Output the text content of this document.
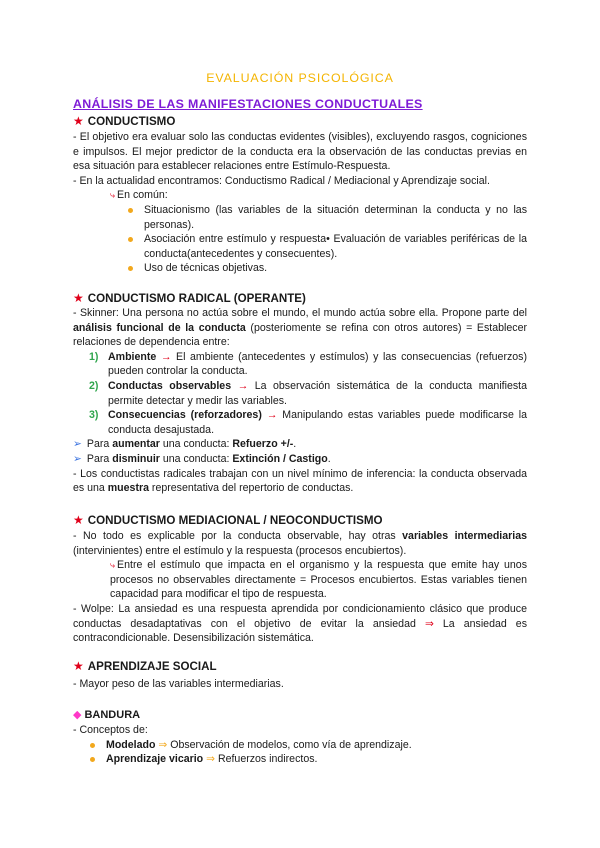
EVALUACIÓN PSICOLÓGICA
ANÁLISIS DE LAS MANIFESTACIONES CONDUCTUALES
★ CONDUCTISMO

- El objetivo era evaluar solo las conductas evidentes (visibles), excluyendo rasgos, cogniciones e impulsos. El mejor predictor de la conducta era la observación de las conductas previas en esa situación para establecer relaciones entre Estímulo-Respuesta.

- En la actualidad encontramos: Conductismo Radical / Mediacional y Aprendizaje social.

⤷ En común:

Situacionismo (las variables de la situación determinan la conducta y no las personas).
Asociación entre estímulo y respuesta• Evaluación de variables periféricas de la conducta(antecedentes y consecuentes).
Uso de técnicas objetivas.
★ CONDUCTISMO RADICAL (OPERANTE)

- Skinner: Una persona no actúa sobre el mundo, el mundo actúa sobre ella. Propone parte del análisis funcional de la conducta (posteriomente se refina con otros autores) = Establecer relaciones de dependencia entre:

1) Ambiente → El ambiente (antecedentes y estímulos) y las consecuencias (refuerzos) pueden controlar la conducta.
2) Conductas observables → La observación sistemática de la conducta manifiesta permite detectar y medir las variables.
3) Consecuencias (reforzadores) → Manipulando estas variables puede modificarse la conducta desajustada.

➢ Para aumentar una conducta: Refuerzo +/-.

➢ Para disminuir una conducta: Extinción / Castigo.

- Los conductistas radicales trabajan con un nivel mínimo de inferencia: la conducta observada es una muestra representativa del repertorio de conductas.

★ CONDUCTISMO MEDIACIONAL / NEOCONDUCTISMO

- No todo es explicable por la conducta observable, hay otras variables intermediarias (intervinientes) entre el estímulo y la respuesta (procesos encubiertos).

⤷ Entre el estímulo que impacta en el organismo y la respuesta que emite hay unos procesos no observables directamente = Procesos encubiertos. Estas variables tienen capacidad para modificar el tipo de respuesta.

- Wolpe: La ansiedad es una respuesta aprendida por condicionamiento clásico que produce conductas desadaptativas con el objetivo de evitar la ansiedad ⇒ La ansiedad es contracondicionable. Desensibilización sistemática.

★ APRENDIZAJE SOCIAL

- Mayor peso de las variables intermediarias.

◆ BANDURA

- Conceptos de:

Modelado ⇒ Observación de modelos, como vía de aprendizaje.
Aprendizaje vicario ⇒ Refuerzos indirectos.
